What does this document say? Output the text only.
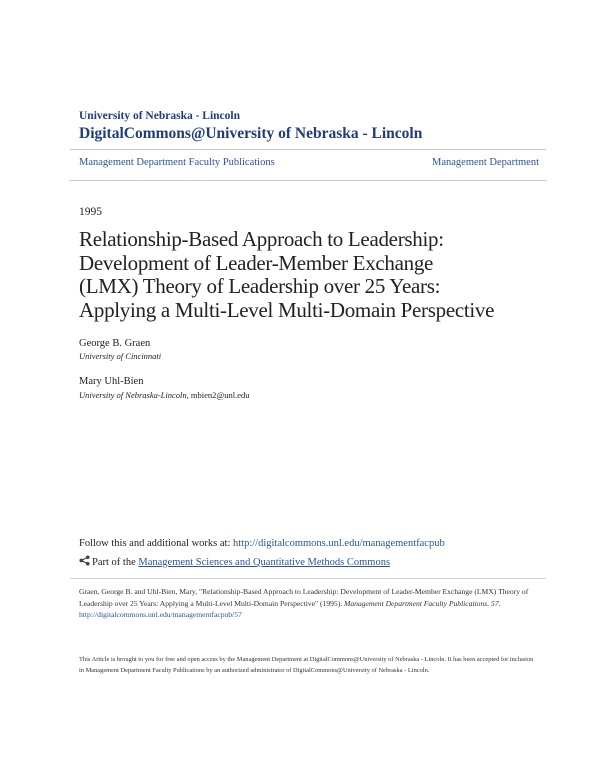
University of Nebraska - Lincoln
DigitalCommons@University of Nebraska - Lincoln
Management Department Faculty Publications	Management Department
1995
Relationship-Based Approach to Leadership:
Development of Leader-Member Exchange
(LMX) Theory of Leadership over 25 Years:
Applying a Multi-Level Multi-Domain Perspective
George B. Graen
University of Cincinnati
Mary Uhl-Bien
University of Nebraska-Lincoln, mbien2@unl.edu
Follow this and additional works at: http://digitalcommons.unl.edu/managementfacpub
Part of the Management Sciences and Quantitative Methods Commons
Graen, George B. and Uhl-Bien, Mary, "Relationship-Based Approach to Leadership: Development of Leader-Member Exchange (LMX) Theory of Leadership over 25 Years: Applying a Multi-Level Multi-Domain Perspective" (1995). Management Department Faculty Publications. 57.
http://digitalcommons.unl.edu/managementfacpub/57
This Article is brought to you for free and open access by the Management Department at DigitalCommons@University of Nebraska - Lincoln. It has been accepted for inclusion in Management Department Faculty Publications by an authorized administrator of DigitalCommons@University of Nebraska - Lincoln.
